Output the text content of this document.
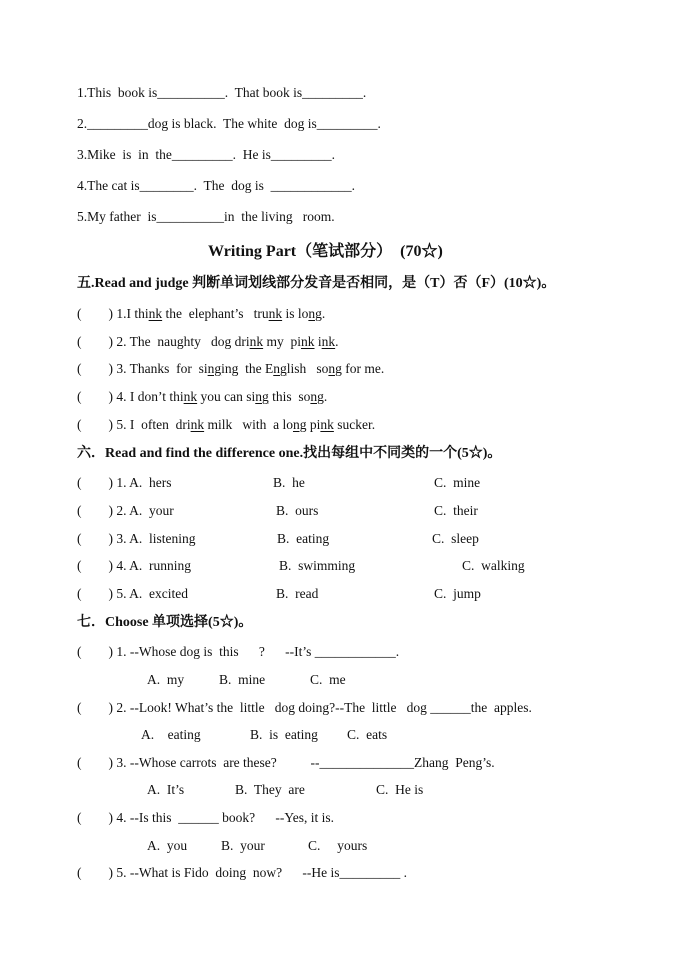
1.This  book is__________.  That book is_________.
2._________dog is black.  The white  dog is_________.
3.Mike  is  in  the_________.  He is_________.
4.The cat is________.  The  dog is  ____________.
5.My father  is__________in  the living   room.
Writing Part（笔试部分）  (70☆)
五.Read and judge 判断单词划线部分发音是否相同，是（T）否（F）(10☆)。
(        ) 1.I think the  elephant’s   trunk is long.
(        ) 2. The  naughty   dog drink my  pink ink.
(        ) 3. Thanks  for  singing  the English   song for me.
(        ) 4. I don’t think you can sing this  song.
(        ) 5. I  often  drink milk   with  a long pink sucker.
六．Read and find the difference one.找出每组中不同类的一个(5☆)。
(        ) 1. A.  hers	B.  he	C.  mine
(        ) 2. A.  your	B.  ours	C.  their
(        ) 3. A.  listening	B.  eating	C.  sleep
(        ) 4. A.  running	B.  swimming	C.  walking
(        ) 5. A.  excited	B.  read	C.  jump
七．Choose 单项选择(5☆)。
(        ) 1. --Whose dog is  this      ?      --It’s ____________.
A.  my	B.  mine	C.  me
(        ) 2. --Look! What’s the  little   dog doing?--The  little   dog ______the  apples.
A.    eating	B.  is  eating C.  eats
(        ) 3. --Whose carrots  are these?          --______________Zhang  Peng’s.
A.  It’s	B.  They  are	C.  He is
(        ) 4. --Is this  ______ book?      --Yes, it is.
A.  you	B.  your	C.     yours
(        ) 5. --What is Fido  doing  now?      --He is_________ .
